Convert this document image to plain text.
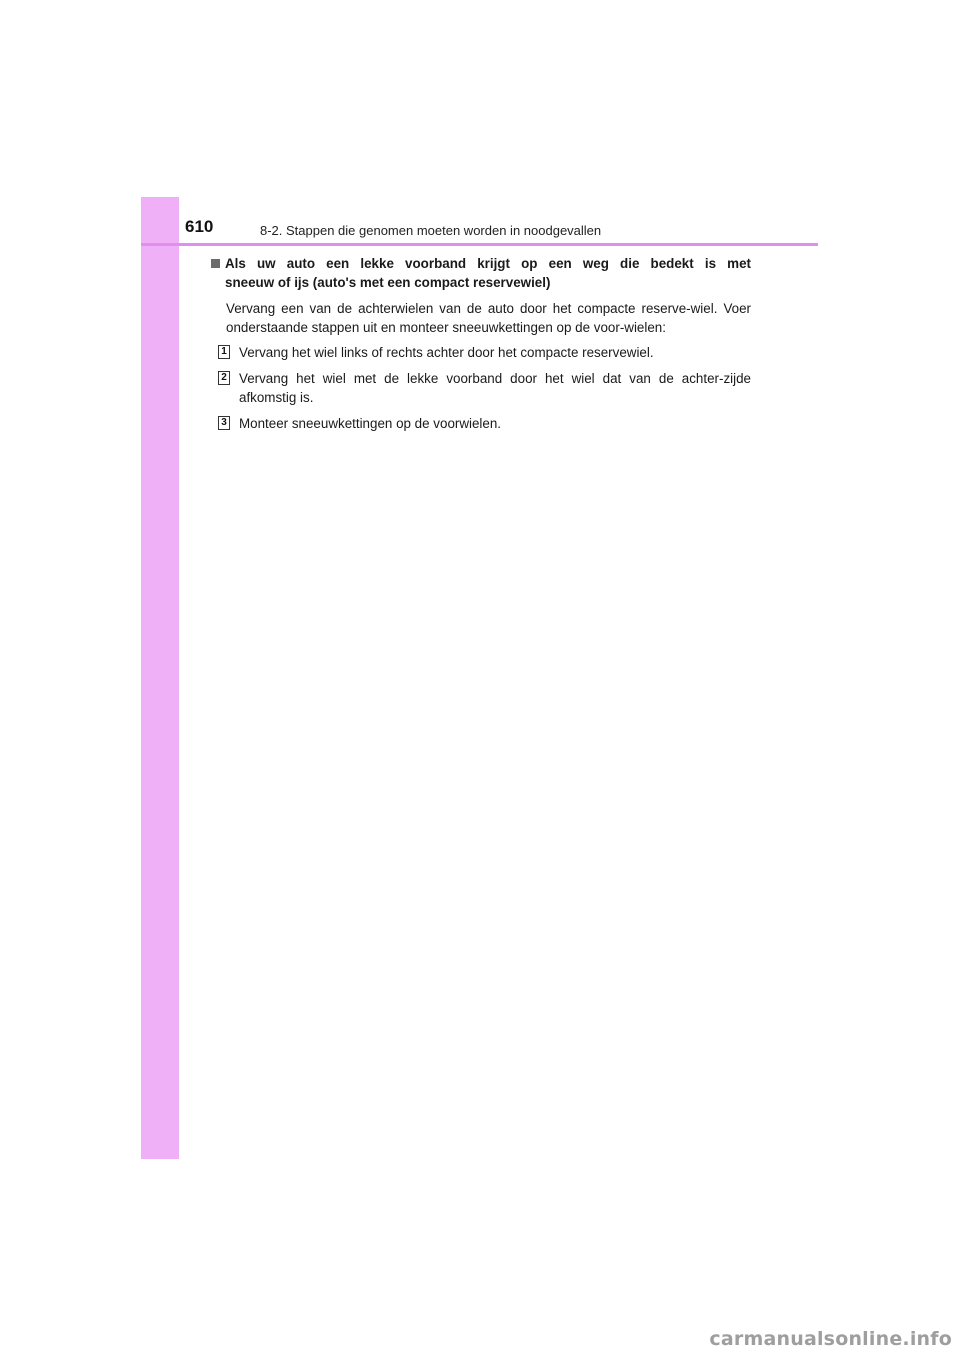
610	8-2. Stappen die genomen moeten worden in noodgevallen
Als uw auto een lekke voorband krijgt op een weg die bedekt is met
sneeuw of ijs (auto's met een compact reservewiel)

Vervang een van de achterwielen van de auto door het compacte reserve-wiel. Voer onderstaande stappen uit en monteer sneeuwkettingen op de voor-wielen:

1 Vervang het wiel links of rechts achter door het compacte reservewiel.
2 Vervang het wiel met de lekke voorband door het wiel dat van de achter-zijde afkomstig is.
3 Monteer sneeuwkettingen op de voorwielen.
carmanualsonline.info
